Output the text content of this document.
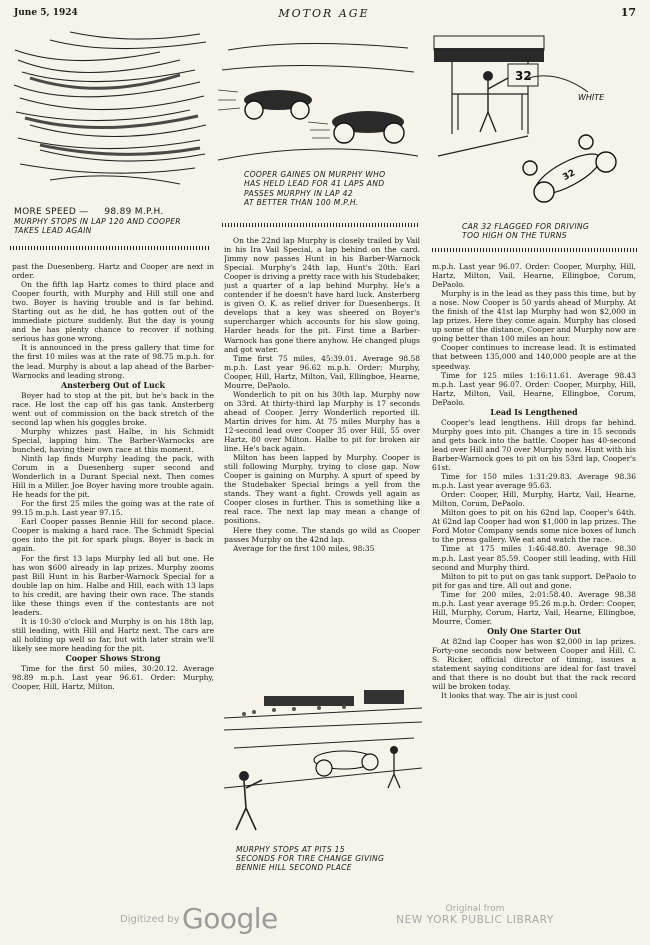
June 5, 1924	MOTOR AGE	17
MORE SPEED — 98.89 M.P.H.
MURPHY STOPS IN LAP 120 AND COOPER
TAKES LEAD AGAIN
COOPER GAINES ON MURPHY WHO
HAS HELD LEAD FOR 41 LAPS AND
PASSES MURPHY IN LAP 42
AT BETTER THAN 100 M.P.H.
32
WHITE
32
CAR 32 FLAGGED FOR DRIVING
TOO HIGH ON THE TURNS

past the Duesenberg. Hartz and Cooper are next in order.

On the fifth lap Hartz comes to third place and Cooper fourth, with Murphy and Hill still one and two. Boyer is having trouble and is far behind. Starting out as he did, he has gotten out of the immediate picture suddenly. But the day is young and he has plenty chance to recover if nothing serious has gone wrong.

It is announced in the press gallery that time for the first 10 miles was at the rate of 98.75 m.p.h. for the lead. Murphy is about a lap ahead of the Barber-Warnocks and leading strong.

Ansterberg Out of Luck

Boyer had to stop at the pit, but he's back in the race. He lost the cap off his gas tank. Ansterberg went out of commission on the back stretch of the second lap when his goggles broke.

Murphy whizzes past Halbe, in his Schmidt Special, lapping him. The Barber-Warnocks are bunched, having their own race at this moment.

Ninth lap finds Murphy leading the pack, with Corum in a Duesenberg super second and Wonderlich in a Durant Special next. Then comes Hill in a Miller. Joe Boyer having more trouble again. He heads for the pit.

For the first 25 miles the going was at the rate of 99.15 m.p.h. Last year 97.15.

Earl Cooper passes Bennie Hill for second place. Cooper is making a hard race. The Schmidt Special goes into the pit for spark plugs. Boyer is back in again.

For the first 13 laps Murphy led all but one. He has won $600 already in lap prizes. Murphy zooms past Bill Hunt in his Barber-Warnock Special for a double lap on him. Halbe and Hill, each with 13 laps to his credit, are having their own race. The stands like these things even if the contestants are not leaders.

It is 10:30 o'clock and Murphy is on his 18th lap, still leading, with Hill and Hartz next. The cars are all holding up well so far, but with later strain we'll likely see more heading for the pit.

Cooper Shows Strong

Time for the first 50 miles, 30:20.12. Average 98.89 m.p.h. Last year 96.61. Order: Murphy, Cooper, Hill, Hartz, Milton.

On the 22nd lap Murphy is closely trailed by Vail in his Ira Vail Special, a lap behind on the card. Jimmy now passes Hunt in his Barber-Warnock Special. Murphy's 24th lap, Hunt's 20th. Earl Cooper is driving a pretty race with his Studebaker, just a quarter of a lap behind Murphy. He's a contender if he doesn't have hard luck. Ansterberg is given O. K. as relief driver for Duesenbergs. It develops that a key was sheered on Boyer's supercharger which accounts for his slow going. Harder heads for the pit. First time a Barber-Warnock has gone there anyhow. He changed plugs and got water.

Time first 75 miles, 45:39.01. Average 98.58 m.p.h. Last year 96.62 m.p.h. Order: Murphy, Cooper, Hill, Hartz, Milton, Vail, Ellingboe, Hearne, Mourre, DePaolo.

Wonderlich to pit on his 30th lap. Murphy now on 33rd. At thirty-third lap Murphy is 17 seconds ahead of Cooper. Jerry Wonderlich reported ill. Martin drives for him. At 75 miles Murphy has a 12-second lead over Cooper 35 over Hill, 55 over Hartz, 80 over Milton. Halbe to pit for broken air line. He's back again.

Milton has been lapped by Murphy. Cooper is still following Murphy, trying to close gap. Now Cooper is gaining on Murphy. A spurt of speed by the Studebaker Special brings a yell from the stands. They want a fight. Crowds yell again as Cooper closes in further. This is something like a real race. The next lap may mean a change of positions.

Here they come. The stands go wild as Cooper passes Murphy on the 42nd lap.

Average for the first 100 miles, 98:35

MURPHY STOPS AT PITS 15
SECONDS FOR TIRE CHANGE GIVING
BENNIE HILL SECOND PLACE

m.p.h. Last year 96.07. Order: Cooper, Murphy, Hill, Hartz, Milton, Vail, Hearne, Ellingboe, Corum, DePaolo.

Murphy is in the lead as they pass this time, but by a nose. Now Cooper is 50 yards ahead of Murphy. At the finish of the 41st lap Murphy had won $2,000 in lap prizes. Here they come again. Murphy has closed up some of the distance, Cooper and Murphy now are going better than 100 miles an hour.

Cooper continues to increase lead. It is estimated that between 135,000 and 140,000 people are at the speedway.

Time for 125 miles 1:16:11.61. Average 98.43 m.p.h. Last year 96.07. Order: Cooper, Murphy, Hill, Hartz, Milton, Vail, Hearne, Ellingboe, Corum, DePaolo.

Lead Is Lengthened

Cooper's lead lengthens. Hill drops far behind. Murphy goes into pit. Changes a tire in 15 seconds and gets back into the battle. Cooper has 40-second lead over Hill and 70 over Murphy now. Hunt with his Barber-Warnock goes to pit on his 53rd lap, Cooper's 61st.

Time for 150 miles 1:31:29.83. Average 98.36 m.p.h. Last year average 95.63.

Order: Cooper, Hill, Murphy, Hartz, Vail, Hearne, Milton, Corum, DePaolo.

Milton goes to pit on his 62nd lap, Cooper's 64th. At 62nd lap Cooper had won $1,000 in lap prizes. The Ford Motor Company sends some nice boxes of lunch to the press gallery. We eat and watch the race.

Time at 175 miles 1:46:48.80. Average 98.30 m.p.h. Last year 85.59. Cooper still leading, with Hill second and Murphy third.

Milton to pit to put on gas tank support. DePaolo to pit for gas and tire. All out and gone.

Time for 200 miles, 2:01:58.40. Average 98.38 m.p.h. Last year average 95.26 m.p.h. Order: Cooper, Hill, Murphy, Corum, Hartz, Vail, Hearne, Ellingboe, Mourre, Comer.

Only One Starter Out

At 82nd lap Cooper has won $2,000 in lap prizes. Forty-one seconds now between Cooper and Hill. C. S. Ricker, official director of timing, issues a statement saying conditions are ideal for fast travel and that there is no doubt but that the rack record will be broken today.

It looks that way. The air is just cool

Digitized by Google	Original from
NEW YORK PUBLIC LIBRARY
